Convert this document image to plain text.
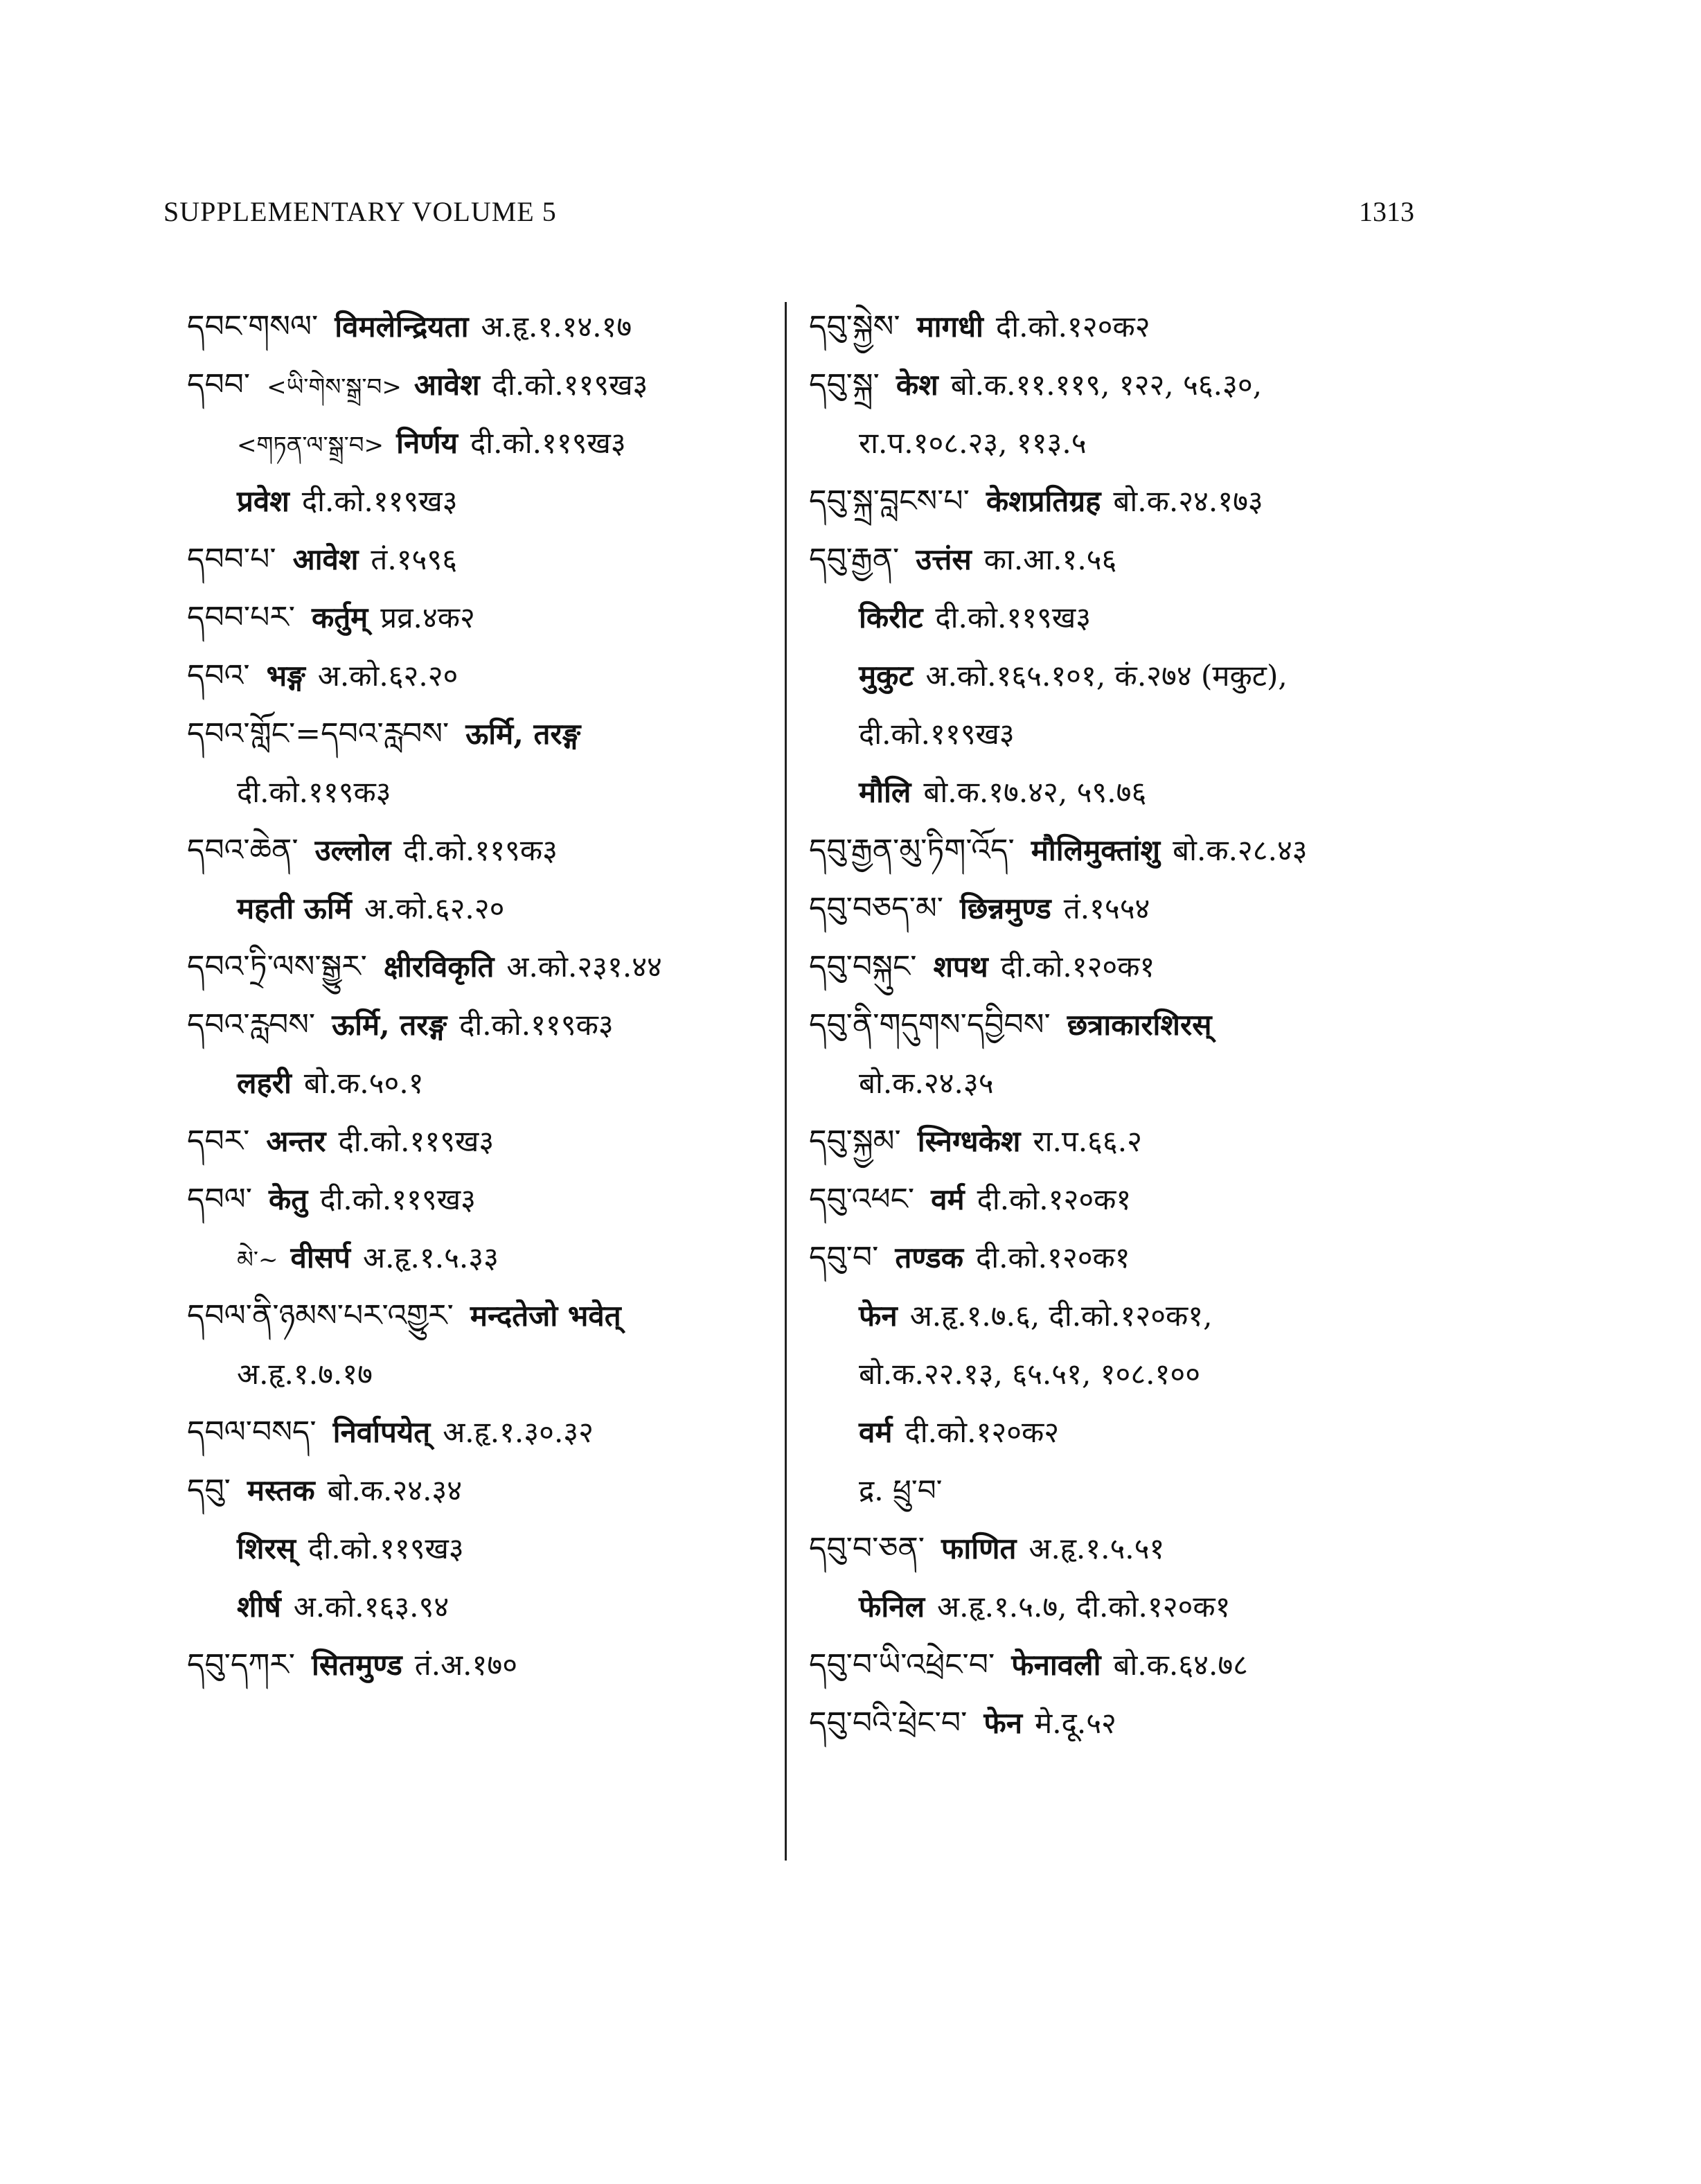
SUPPLEMENTARY VOLUME 5	1313
དབང་གསལ་ विमलेन्द्रियता अ.हृ.१.१४.१७
དབབ་ <ཡི་གེས་སྒྲ་བ> आवेश दी.को.११९ख३
<གཏན་ལ་སྒྲ་བ> निर्णय दी.को.११९ख३
प्रवेश दी.को.११९ख३
དབབ་པ་ आवेश तं.१५९६
དབབ་པར་ कर्तुम् प्रव्र.४क२
དབའ་ भङ्ग अ.को.६२.२०
དབའ་གློང་=དབའ་རླབས་ ऊर्मि, तरङ्ग
दी.को.११९क३
དབའ་ཆེན་ उल्लोल दी.को.११९क३
महती ऊर्मि अ.को.६२.२०
དབའ་ཏྲི་ལས་སྒྱུར་ क्षीरविकृति अ.को.२३१.४४
དབའ་རླབས་ ऊर्मि, तरङ्ग दी.को.११९क३
लहरी बो.क.५०.१
དབར་ अन्तर दी.को.११९ख३
དབལ་ केतु दी.को.११९ख३
མེ་~ वीसर्प अ.हृ.१.५.३३
དབལ་ནི་ཉམས་པར་འགྱུར་ मन्दतेजो भवेत्
अ.हृ.१.७.१७
དབལ་བསད་ निर्वापयेत् अ.हृ.१.३०.३२
དབུ་ मस्तक बो.क.२४.३४
शिरस् दी.को.११९ख३
शीर्ष अ.को.१६३.९४
དབུ་དཀར་ सितमुण्ड तं.अ.१७०
དབུ་སྐྱེས་ मागधी दी.को.१२०क२
དབུ་སྐྲ་ केश बो.क.११.११९, १२२, ५६.३०,
रा.प.१०८.२३, ११३.५
དབུ་སྐྲ་བླངས་པ་ केशप्रतिग्रह बो.क.२४.१७३
དབུ་རྒྱན་ उत्तंस का.आ.१.५६
किरीट दी.को.११९ख३
मुकुट अ.को.१६५.१०१, कं.२७४ (मकुट),
दी.को.११९ख३
मौलि बो.क.१७.४२, ५९.७६
དབུ་རྒྱན་མུ་ཏིག་འོད་ मौलिमुक्तांशु बो.क.२८.४३
དབུ་བཅད་མ་ छिन्नमुण्ड तं.१५५४
དབུ་བསྐུང་ शपथ दी.को.१२०क१
དབུ་ནི་གདུགས་དབྱིབས་ छत्राकारशिरस्
बो.क.२४.३५
དབུ་སྐྱམ་ स्निग्धकेश रा.प.६६.२
དབུ་འཕང་ वर्म दी.को.१२०क१
དབུ་བ་ तण्डक दी.को.१२०क१
फेन अ.हृ.१.७.६, दी.को.१२०क१,
बो.क.२२.१३, ६५.५१, १०८.१००
वर्म दी.को.१२०क२
द्र. ཕྲུ་བ་
དབུ་བ་ཅན་ फाणित अ.हृ.१.५.५१
फेनिल अ.हृ.१.५.७, दी.को.१२०क१
དབུ་བ་ཡི་འཕྲེང་བ་ फेनावली बो.क.६४.७८
དབུ་བའི་ཕྲེང་བ་ फेन मे.दू.५२
